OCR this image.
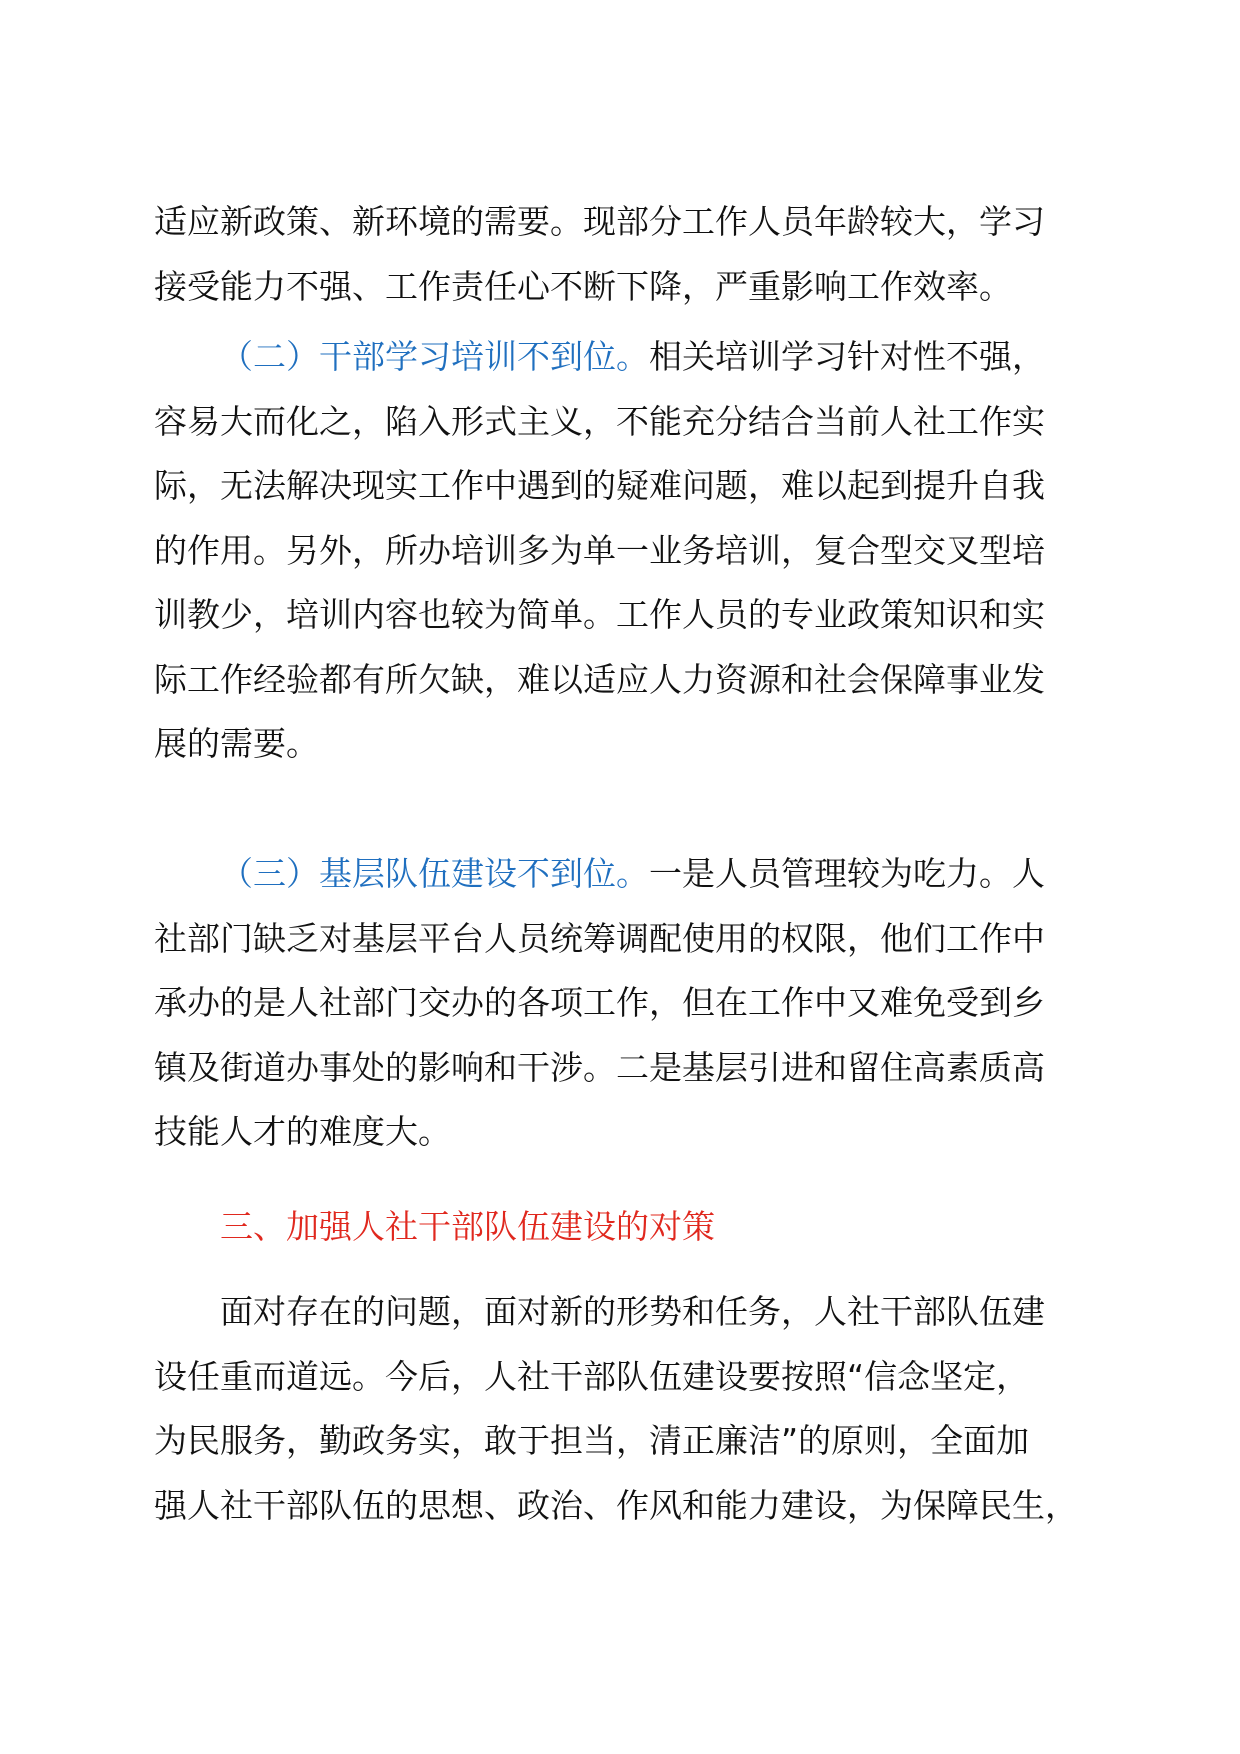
适应新政策、新环境的需要。现部分工作人员年龄较大，学习
接受能力不强、工作责任心不断下降，严重影响工作效率。
（二）干部学习培训不到位。相关培训学习针对性不强，
容易大而化之，陷入形式主义，不能充分结合当前人社工作实
际，无法解决现实工作中遇到的疑难问题，难以起到提升自我
的作用。另外，所办培训多为单一业务培训，复合型交叉型培
训教少，培训内容也较为简单。工作人员的专业政策知识和实
际工作经验都有所欠缺，难以适应人力资源和社会保障事业发
展的需要。
（三）基层队伍建设不到位。一是人员管理较为吃力。人
社部门缺乏对基层平台人员统筹调配使用的权限，他们工作中
承办的是人社部门交办的各项工作，但在工作中又难免受到乡
镇及街道办事处的影响和干涉。二是基层引进和留住高素质高
技能人才的难度大。
三、加强人社干部队伍建设的对策
面对存在的问题，面对新的形势和任务，人社干部队伍建
设任重而道远。今后，人社干部队伍建设要按照“信念坚定，
为民服务，勤政务实，敢于担当，清正廉洁”的原则，全面加
强人社干部队伍的思想、政治、作风和能力建设，为保障民生，
